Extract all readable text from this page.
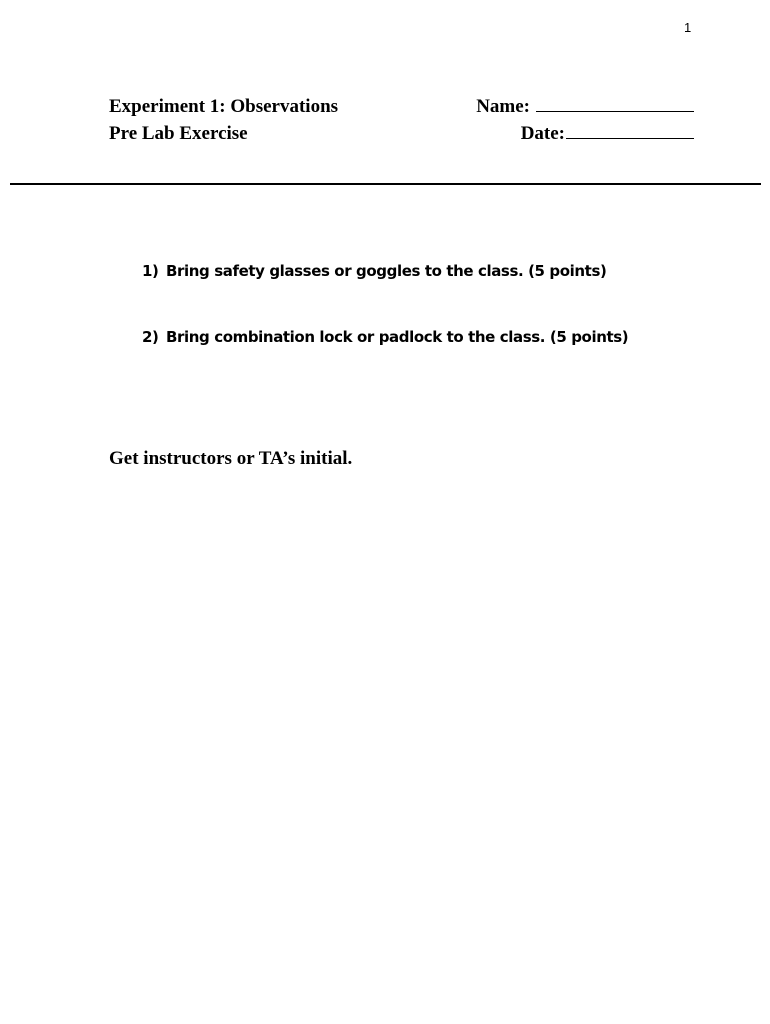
1
Experiment 1: Observations
Pre Lab Exercise
Name:
Date:
1) Bring safety glasses or goggles to the class. (5 points)
2) Bring combination lock or padlock to the class. (5 points)
Get instructors or TA’s initial.
